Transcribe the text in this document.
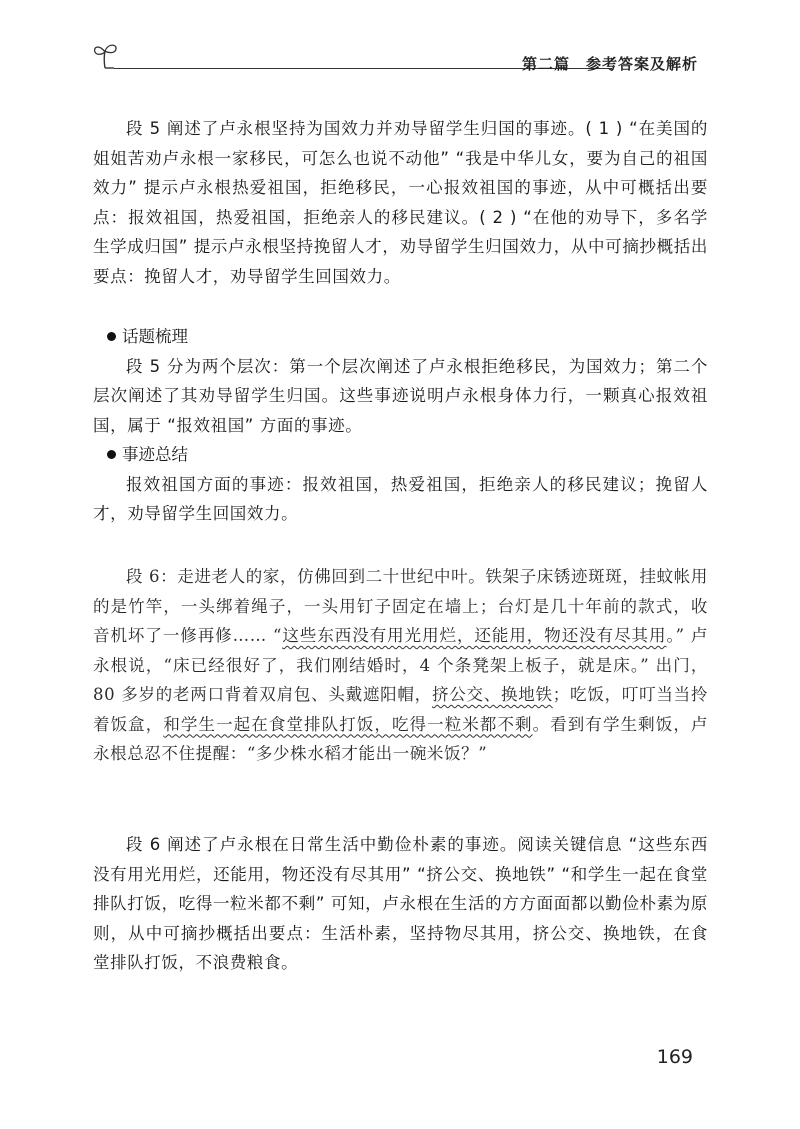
第二篇　参考答案及解析

段 5 阐述了卢永根坚持为国效力并劝导留学生归国的事迹。( 1 ) “在美国的姐姐苦劝卢永根一家移民，可怎么也说不动他” “我是中华儿女，要为自己的祖国效力” 提示卢永根热爱祖国，拒绝移民，一心报效祖国的事迹，从中可概括出要点：报效祖国，热爱祖国，拒绝亲人的移民建议。( 2 ) “在他的劝导下，多名学生学成归国” 提示卢永根坚持挽留人才，劝导留学生归国效力，从中可摘抄概括出要点：挽留人才，劝导留学生回国效力。

话题梳理

段 5 分为两个层次：第一个层次阐述了卢永根拒绝移民，为国效力；第二个层次阐述了其劝导留学生归国。这些事迹说明卢永根身体力行，一颗真心报效祖国，属于 “报效祖国” 方面的事迹。

事迹总结

报效祖国方面的事迹：报效祖国，热爱祖国，拒绝亲人的移民建议；挽留人才，劝导留学生回国效力。

段 6：走进老人的家，仿佛回到二十世纪中叶。铁架子床锈迹斑斑，挂蚊帐用的是竹竿，一头绑着绳子，一头用钉子固定在墙上；台灯是几十年前的款式，收音机坏了一修再修…… “这些东西没有用光用烂，还能用，物还没有尽其用。” 卢永根说，“床已经很好了，我们刚结婚时，4 个条凳架上板子，就是床。” 出门，80 多岁的老两口背着双肩包、头戴遮阳帽，挤公交、换地铁；吃饭，叮叮当当拎着饭盒，和学生一起在食堂排队打饭，吃得一粒米都不剩。看到有学生剩饭，卢永根总忍不住提醒：“多少株水稻才能出一碗米饭？”

段 6 阐述了卢永根在日常生活中勤俭朴素的事迹。阅读关键信息 “这些东西没有用光用烂，还能用，物还没有尽其用” “挤公交、换地铁” “和学生一起在食堂排队打饭，吃得一粒米都不剩” 可知，卢永根在生活的方方面面都以勤俭朴素为原则，从中可摘抄概括出要点：生活朴素，坚持物尽其用，挤公交、换地铁，在食堂排队打饭，不浪费粮食。

169
